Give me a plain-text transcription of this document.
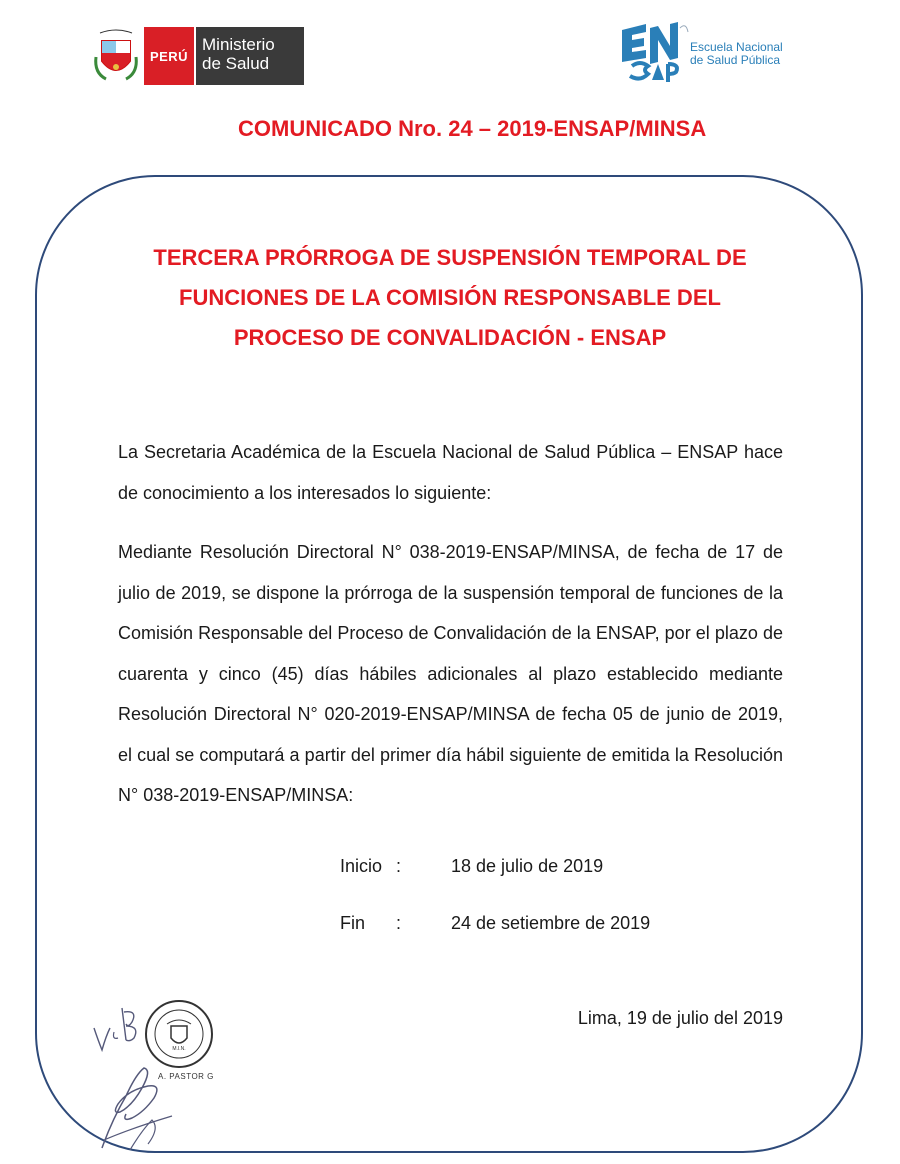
PERÚ
Ministerio
de Salud
Escuela Nacional
de Salud Pública
COMUNICADO Nro. 24 – 2019-ENSAP/MINSA
TERCERA PRÓRROGA DE SUSPENSIÓN TEMPORAL DE
FUNCIONES DE LA COMISIÓN RESPONSABLE DEL
PROCESO DE CONVALIDACIÓN - ENSAP
La Secretaria Académica de la Escuela Nacional de Salud Pública – ENSAP hace de conocimiento a los interesados lo siguiente:
Mediante Resolución Directoral N° 038-2019-ENSAP/MINSA, de fecha de 17 de julio de 2019, se dispone la prórroga de la suspensión temporal de funciones de la Comisión Responsable del Proceso de Convalidación de la ENSAP, por el plazo de cuarenta y cinco (45) días hábiles adicionales al plazo establecido mediante Resolución Directoral N° 020-2019-ENSAP/MINSA de fecha 05 de junio de 2019, el cual se computará a partir del primer día hábil siguiente de emitida la Resolución N° 038-2019-ENSAP/MINSA:
Inicio :	18 de julio de 2019
Fin :	24 de setiembre de 2019
Lima, 19 de julio del 2019
M.I.N.
A. PASTOR G
